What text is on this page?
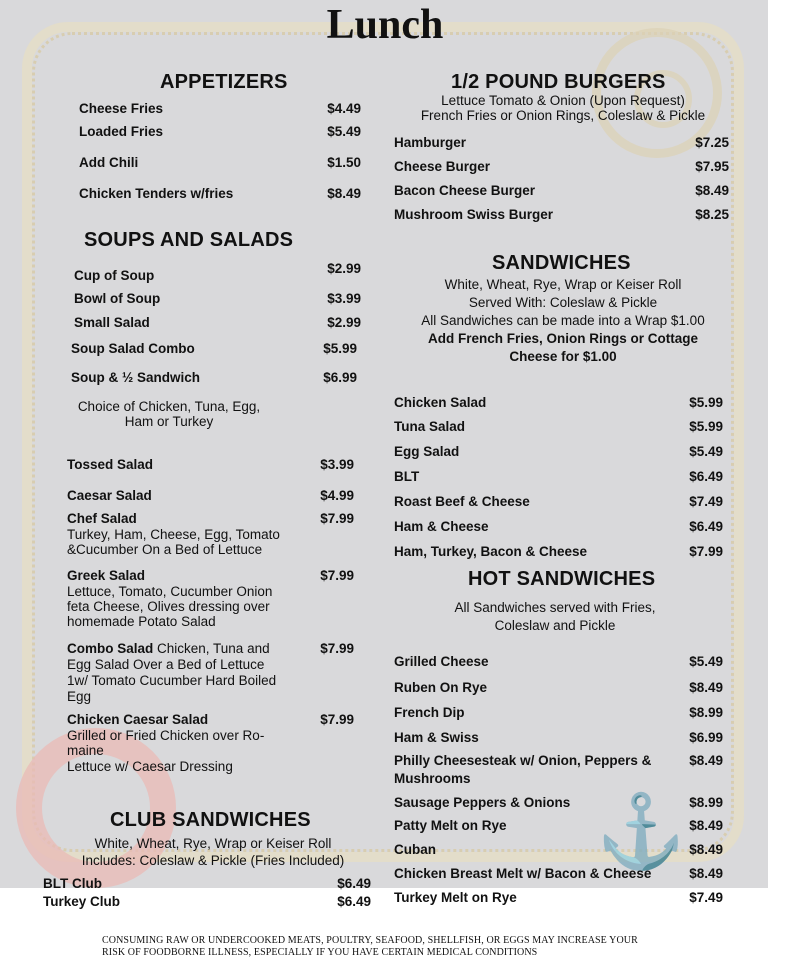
⚓
Lunch
APPETIZERS
Cheese Fries	$4.49
Loaded Fries	$5.49
Add Chili	$1.50
Chicken Tenders w/fries	$8.49
SOUPS AND SALADS
Cup of Soup	$2.99
Bowl of Soup	$3.99
Small Salad	$2.99
Soup Salad Combo	$5.99
Soup & ½ Sandwich	$6.99
Choice of Chicken, Tuna, Egg,
Ham or Turkey
Tossed Salad	$3.99
Caesar Salad	$4.99
Chef Salad	$7.99
Turkey, Ham, Cheese, Egg, Tomato
&Cucumber On a Bed of Lettuce
Greek Salad	$7.99
Lettuce, Tomato, Cucumber Onion
feta Cheese, Olives dressing over
homemade Potato Salad
Combo Salad Chicken, Tuna and	$7.99
Egg Salad Over a Bed of Lettuce
1w/ Tomato Cucumber Hard Boiled
Egg
Chicken Caesar Salad	$7.99
Grilled or Fried Chicken over Ro-
maine
Lettuce w/ Caesar Dressing
CLUB SANDWICHES
White, Wheat, Rye, Wrap or Keiser Roll
Includes: Coleslaw & Pickle (Fries Included)
BLT Club	$6.49
Turkey Club	$6.49
1/2 POUND BURGERS
Lettuce Tomato & Onion (Upon Request)
French Fries or Onion Rings, Coleslaw & Pickle
Hamburger	$7.25
Cheese Burger	$7.95
Bacon Cheese Burger	$8.49
Mushroom Swiss Burger	$8.25
SANDWICHES
White, Wheat, Rye, Wrap or Keiser Roll
Served With: Coleslaw & Pickle
All Sandwiches can be made into a Wrap $1.00
Add French Fries, Onion Rings or Cottage
Cheese for $1.00
Chicken Salad	$5.99
Tuna Salad	$5.99
Egg Salad	$5.49
BLT	$6.49
Roast Beef & Cheese	$7.49
Ham & Cheese	$6.49
Ham, Turkey, Bacon & Cheese	$7.99
HOT SANDWICHES
All Sandwiches served with Fries,
Coleslaw and Pickle
Grilled Cheese	$5.49
Ruben On Rye	$8.49
French Dip	$8.99
Ham & Swiss	$6.99
Philly Cheesesteak w/ Onion, Peppers &
Mushrooms
$8.49
Sausage Peppers & Onions	$8.99
Patty Melt on Rye	$8.49
Cuban	$8.49
Chicken Breast Melt w/ Bacon & Cheese	$8.49
Turkey Melt on Rye	$7.49
CONSUMING RAW OR UNDERCOOKED MEATS, POULTRY, SEAFOOD, SHELLFISH, OR EGGS MAY INCREASE YOUR
RISK OF FOODBORNE ILLNESS, ESPECIALLY IF YOU HAVE CERTAIN MEDICAL CONDITIONS
